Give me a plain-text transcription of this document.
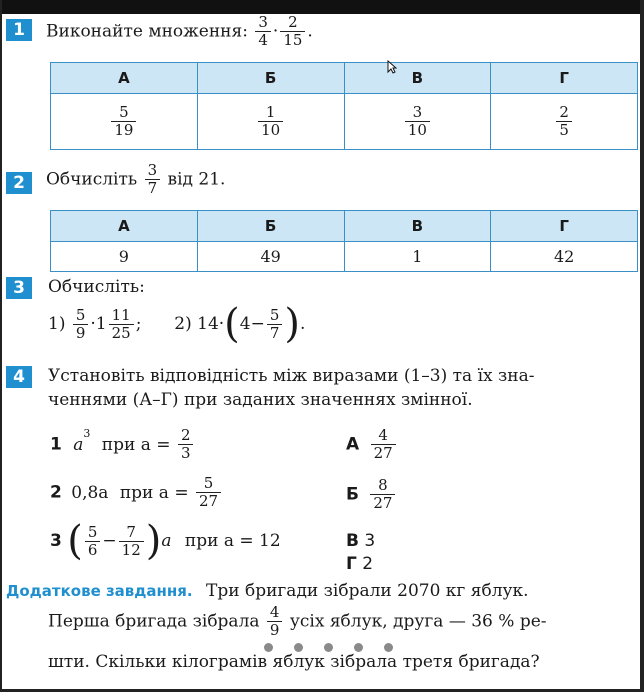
1	Виконайте множення: $\frac{3}{4} \cdot \frac{2}{15}$ .
А	Б	В	Г

$\frac{5}{19}$	$\frac{1}{10}$	$\frac{3}{10}$	$\frac{2}{5}$
2	Обчисліть $\frac{3}{7}$ від 21.
А	Б	В	Г
9	49	1	42
3	Обчисліть:
$1) \frac{5}{9} \cdot 1 \frac{11}{25}$ ; 2) $14\cdot(4- \frac{5}{7}$ ).
4	Установіть відповідність між виразами (1–3) та їх зна-
ченнями (А–Г) при заданих значеннях змінної.
1 $a^3$ при $a = \frac{2}{3}$
2 0,8a при $a = \frac{5}{27}$
3 ( $\frac{5}{6} - \frac{7}{12} )a$ при a = 12
А $\frac{4}{27}$
Б $\frac{8}{27}$
В 3
Г 2
Додаткове завдання. Три бригади зібрали 2070 кг яблук.
Перша бригада зібрала $\frac{4}{9}$ усіх яблук, друга — 36 % ре-
шти. Скільки кілограмів яблук зібрала третя бригада?
